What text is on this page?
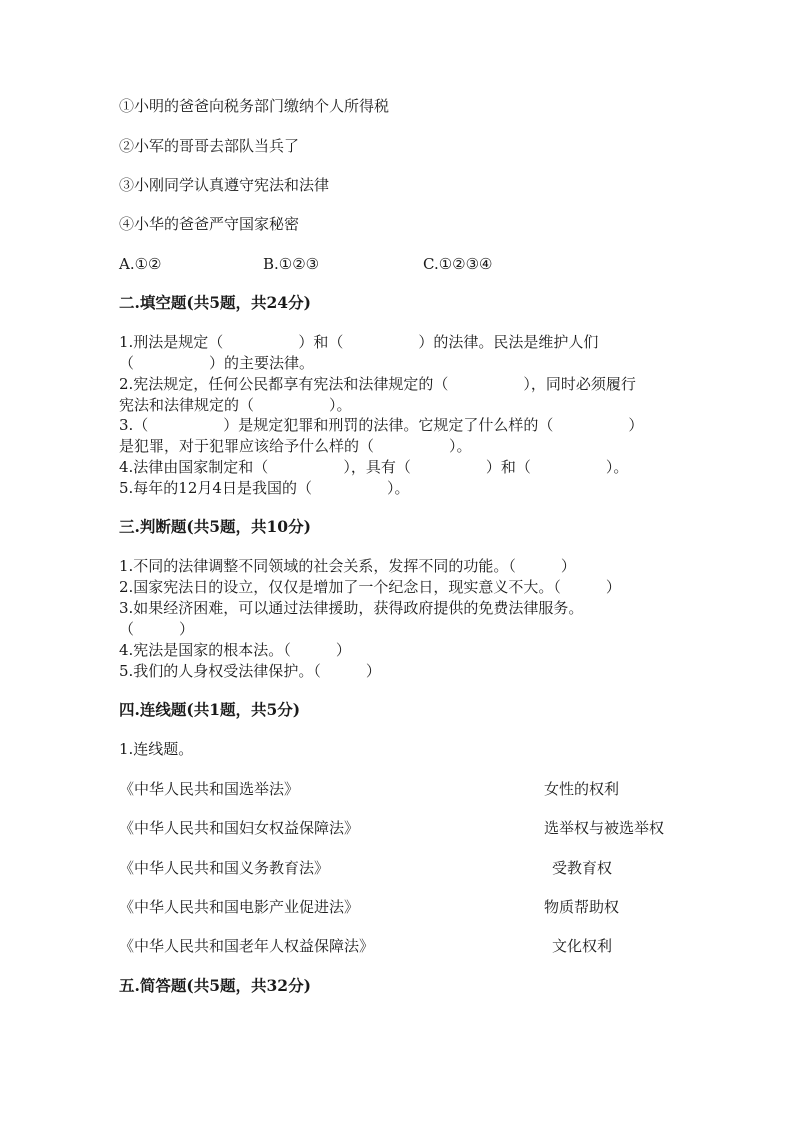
①小明的爸爸向税务部门缴纳个人所得税
②小军的哥哥去部队当兵了
③小刚同学认真遵守宪法和法律
④小华的爸爸严守国家秘密
A.①②	B.①②③	C.①②③④
二.填空题(共5题，共24分)
1.刑法是规定（　　　　　）和（　　　　　）的法律。民法是维护人们
（　　　　　）的主要法律。
2.宪法规定，任何公民都享有宪法和法律规定的（　　　　　），同时必须履行
宪法和法律规定的（　　　　　）。
3.（　　　　　）是规定犯罪和刑罚的法律。它规定了什么样的（　　　　　）
是犯罪，对于犯罪应该给予什么样的（　　　　　）。
4.法律由国家制定和（　　　　　），具有（　　　　　）和（　　　　　）。
5.每年的12月4日是我国的（　　　　　）。
三.判断题(共5题，共10分)
1.不同的法律调整不同领域的社会关系，发挥不同的功能。（　　　）
2.国家宪法日的设立，仅仅是增加了一个纪念日，现实意义不大。（　　　）
3.如果经济困难，可以通过法律援助，获得政府提供的免费法律服务。
（　　　）
4.宪法是国家的根本法。（　　　）
5.我们的人身权受法律保护。（　　　）
四.连线题(共1题，共5分)
1.连线题。
《中华人民共和国选举法》
《中华人民共和国妇女权益保障法》
《中华人民共和国义务教育法》
《中华人民共和国电影产业促进法》
《中华人民共和国老年人权益保障法》
女性的权利
选举权与被选举权
受教育权
物质帮助权
文化权利
五.简答题(共5题，共32分)
